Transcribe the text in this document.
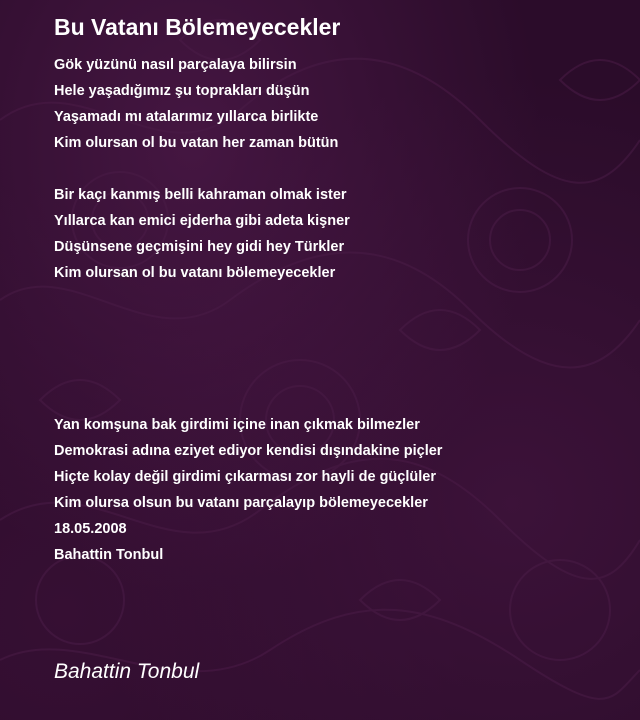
Bu Vatanı Bölemeyecekler
Gök yüzünü nasıl parçalaya bilirsin
Hele yaşadığımız şu toprakları düşün
Yaşamadı mı atalarımız yıllarca birlikte
Kim olursan ol bu vatan her zaman bütün
Bir kaçı kanmış belli kahraman olmak ister
Yıllarca kan emici ejderha gibi adeta kişner
Düşünsene geçmişini hey gidi hey Türkler
Kim olursan ol bu vatanı bölemeyecekler
Yan komşuna bak girdimi içine inan çıkmak bilmezler
Demokrasi adına eziyet ediyor kendisi dışındakine piçler
Hiçte kolay değil girdimi çıkarması zor hayli de güçlüler
Kim olursa olsun bu vatanı parçalayıp bölemeyecekler
18.05.2008
Bahattin Tonbul
Bahattin Tonbul
